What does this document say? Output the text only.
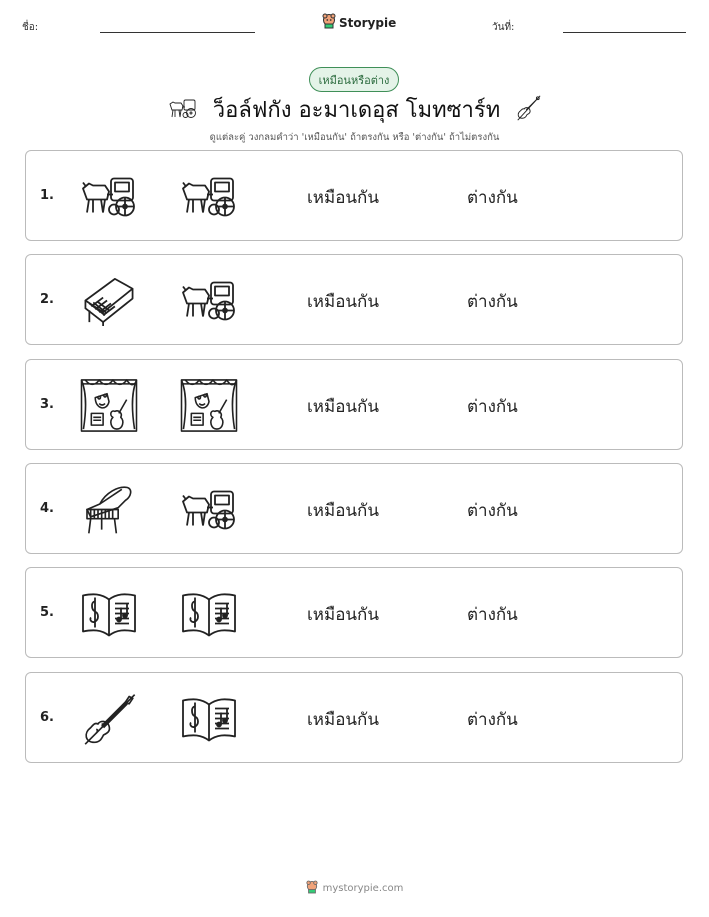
ชื่อ:	Storypie	วันที่:
เหมือนหรือต่าง
ว็อล์ฟกัง อะมาเดอุส โมทซาร์ท
ดูแต่ละคู่ วงกลมคำว่า 'เหมือนกัน' ถ้าตรงกัน หรือ 'ต่างกัน' ถ้าไม่ตรงกัน
1.	เหมือนกัน	ต่างกัน
2.	เหมือนกัน	ต่างกัน
3.	เหมือนกัน	ต่างกัน
4.	เหมือนกัน	ต่างกัน
5.	เหมือนกัน	ต่างกัน
6.	เหมือนกัน	ต่างกัน
mystorypie.com
